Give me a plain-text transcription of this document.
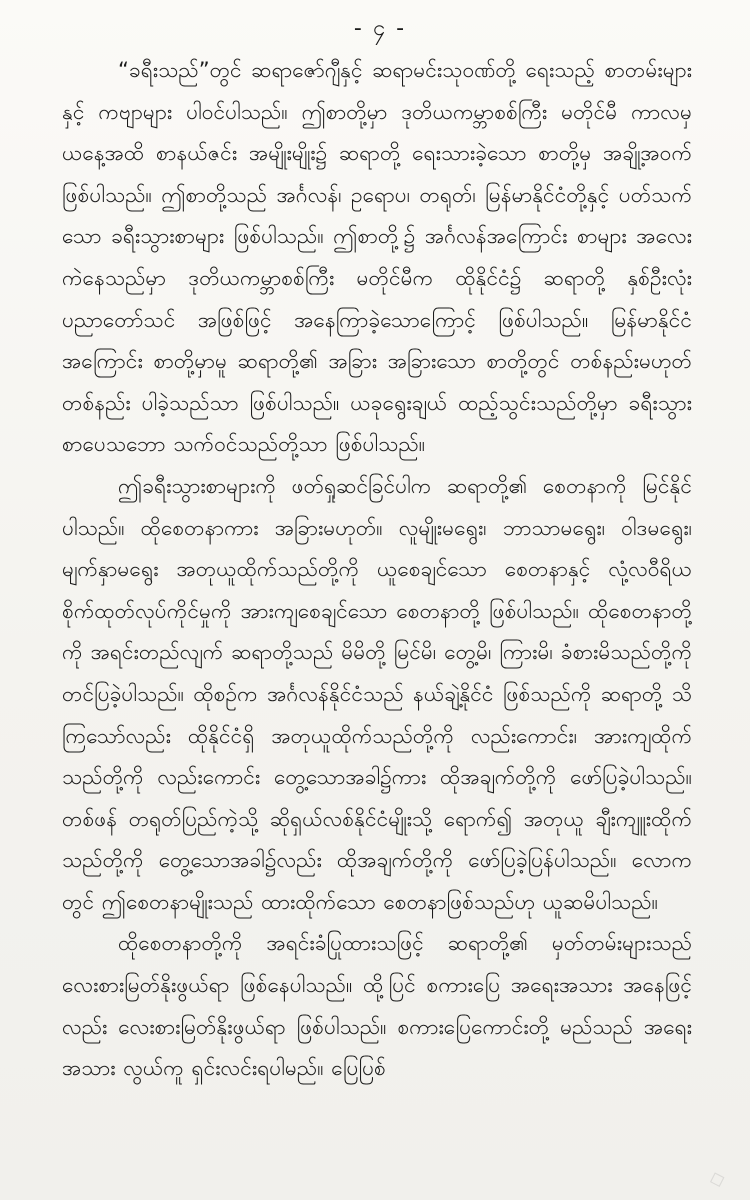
- ၄ -

“ခရီးသည်”တွင် ဆရာဇော်ဂျီနှင့် ဆရာမင်းသုဝဏ်တို့ ရေးသည့် စာတမ်းများနှင့် ကဗျာများ ပါဝင်ပါသည်။ ဤစာတို့မှာ ဒုတိယကမ္ဘာစစ်ကြီး မတိုင်မီ ကာလမှ ယနေ့အထိ စာနယ်ဇင်း အမျိုးမျိုး၌ ဆရာတို့ ရေးသားခဲ့သော စာတို့မှ အချို့အဝက် ဖြစ်ပါသည်။ ဤစာတို့သည် အင်္ဂလန်၊ ဥရောပ၊ တရုတ်၊ မြန်မာနိုင်ငံတို့နှင့် ပတ်သက်သော ခရီးသွားစာများ ဖြစ်ပါသည်။ ဤစာတို့၌ အင်္ဂလန်အကြောင်း စာများ အလေးကဲနေသည်မှာ ဒုတိယကမ္ဘာစစ်ကြီး မတိုင်မီက ထိုနိုင်ငံ၌ ဆရာတို့ နှစ်ဦးလုံး ပညာတော်သင် အဖြစ်ဖြင့် အနေကြာခဲ့သောကြောင့် ဖြစ်ပါသည်။ မြန်မာနိုင်ငံအကြောင်း စာတို့မှာမူ ဆရာတို့၏ အခြား အခြားသော စာတို့တွင် တစ်နည်းမဟုတ် တစ်နည်း ပါခဲ့သည်သာ ဖြစ်ပါသည်။ ယခုရွေးချယ် ထည့်သွင်းသည်တို့မှာ ခရီးသွားစာပေသဘော သက်ဝင်သည်တို့သာ ဖြစ်ပါသည်။

ဤခရီးသွားစာများကို ဖတ်ရှုဆင်ခြင်ပါက ဆရာတို့၏ စေတနာကို မြင်နိုင်ပါသည်။ ထိုစေတနာကား အခြားမဟုတ်။ လူမျိုးမရွေး၊ ဘာသာမရွေး၊ ဝါဒမရွေး၊ မျက်နှာမရွေး အတုယူထိုက်သည်တို့ကို ယူစေချင်သော စေတနာနှင့် လုံ့လဝီရိယ စိုက်ထုတ်လုပ်ကိုင်မှုကို အားကျစေချင်သော စေတနာတို့ ဖြစ်ပါသည်။ ထိုစေတနာတို့ကို အရင်းတည်လျက် ဆရာတို့သည် မိမိတို့ မြင်မိ၊ တွေ့မိ၊ ကြားမိ၊ ခံစားမိသည်တို့ကို တင်ပြခဲ့ပါသည်။ ထိုစဉ်က အင်္ဂလန်နိုင်ငံသည် နယ်ချဲ့နိုင်ငံ ဖြစ်သည်ကို ဆရာတို့ သိကြသော်လည်း ထိုနိုင်ငံရှိ အတုယူထိုက်သည်တို့ကို လည်းကောင်း၊ အားကျထိုက်သည်တို့ကို လည်းကောင်း တွေ့သောအခါ၌ကား ထိုအချက်တို့ကို ဖော်ပြခဲ့ပါသည်။ တစ်ဖန် တရုတ်ပြည်ကဲ့သို့ ဆိုရှယ်လစ်နိုင်ငံမျိုးသို့ ရောက်၍ အတုယူ ချီးကျူးထိုက်သည်တို့ကို တွေ့သောအခါ၌လည်း ထိုအချက်တို့ကို ဖော်ပြခဲ့ပြန်ပါသည်။ လောကတွင် ဤစေတနာမျိုးသည် ထားထိုက်သော စေတနာဖြစ်သည်ဟု ယူဆမိပါသည်။

ထိုစေတနာတို့ကို အရင်းခံပြုထားသဖြင့် ဆရာတို့၏ မှတ်တမ်းများသည် လေးစားမြတ်နိုးဖွယ်ရာ ဖြစ်နေပါသည်။ ထို့ပြင် စကားပြေ အရေးအသား အနေဖြင့်လည်း လေးစားမြတ်နိုးဖွယ်ရာ ဖြစ်ပါသည်။ စကားပြေကောင်းတို့ မည်သည် အရေးအသား လွယ်ကူ ရှင်းလင်းရပါမည်။ ပြေပြစ်

◇
